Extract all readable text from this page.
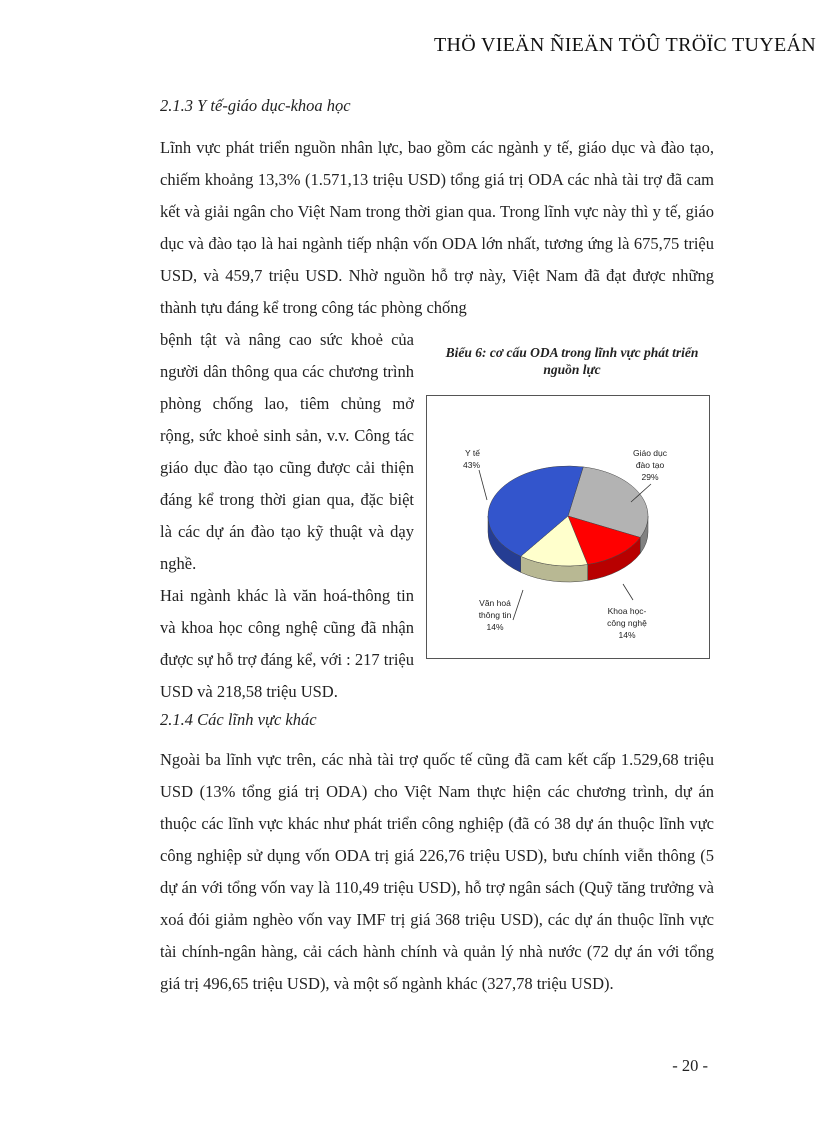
THÖ VIEÄN ÑIEÄN TÖÛ TRÖÏC TUYEÁN
2.1.3 Y tế-giáo dục-khoa học
Lĩnh vực phát triển nguồn nhân lực, bao gồm các ngành y tế, giáo dục và đào tạo, chiếm khoảng 13,3% (1.571,13 triệu USD) tổng giá trị ODA các nhà tài trợ đã cam kết và giải ngân cho Việt Nam trong thời gian qua. Trong lĩnh vực này thì y tế, giáo dục và đào tạo là hai ngành tiếp nhận vốn ODA lớn nhất, tương ứng là 675,75 triệu USD, và 459,7 triệu USD. Nhờ nguồn hỗ trợ này, Việt Nam đã đạt được những thành tựu đáng kể trong công tác phòng chống
bệnh tật và nâng cao sức khoẻ của người dân thông qua các chương trình phòng chống lao, tiêm chủng mở rộng, sức khoẻ sinh sản, v.v. Công tác giáo dục đào tạo cũng được cải thiện đáng kể trong thời gian qua, đặc biệt là các dự án đào tạo kỹ thuật và dạy nghề.
Hai ngành khác là văn hoá-thông tin và khoa học công nghệ cũng đã nhận được sự hỗ trợ đáng kể, với : 217 triệu USD và 218,58 triệu USD.
Biểu 6: cơ cấu ODA trong lĩnh vực phát triển nguồn lực
Y tế
43%
Giáo dục
đào tạo
29%
Khoa học-
công nghệ
14%
Văn hoá
thông tin
14%
2.1.4 Các lĩnh vực khác
Ngoài ba lĩnh vực trên, các nhà tài trợ quốc tế cũng đã cam kết cấp 1.529,68 triệu USD (13% tổng giá trị ODA) cho Việt Nam thực hiện các chương trình, dự án thuộc các lĩnh vực khác như phát triển công nghiệp (đã có 38 dự án thuộc lĩnh vực công nghiệp sử dụng vốn ODA trị giá 226,76 triệu USD), bưu chính viễn thông (5 dự án với tổng vốn vay là 110,49 triệu USD), hỗ trợ ngân sách (Quỹ tăng trưởng và xoá đói giảm nghèo vốn vay IMF trị giá 368 triệu USD), các dự án thuộc lĩnh vực tài chính-ngân hàng, cải cách hành chính và quản lý nhà nước (72 dự án với tổng giá trị 496,65 triệu USD), và một số ngành khác (327,78 triệu USD).
- 20 -
